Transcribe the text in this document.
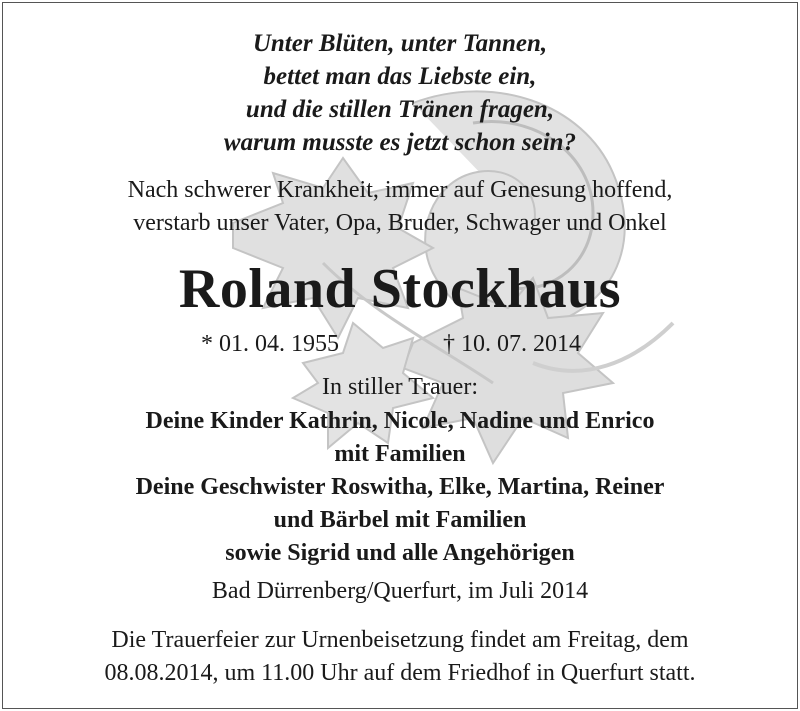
Unter Blüten, unter Tannen,
bettet man das Liebste ein,
und die stillen Tränen fragen,
warum musste es jetzt schon sein?
Nach schwerer Krankheit, immer auf Genesung hoffend,
verstarb unser Vater, Opa, Bruder, Schwager und Onkel
Roland Stockhaus
* 01. 04. 1955	† 10. 07. 2014
In stiller Trauer:
Deine Kinder Kathrin, Nicole, Nadine und Enrico
mit Familien
Deine Geschwister Roswitha, Elke, Martina, Reiner
und Bärbel mit Familien
sowie Sigrid und alle Angehörigen
Bad Dürrenberg/Querfurt, im Juli 2014
Die Trauerfeier zur Urnenbeisetzung findet am Freitag, dem
08.08.2014, um 11.00 Uhr auf dem Friedhof in Querfurt statt.
